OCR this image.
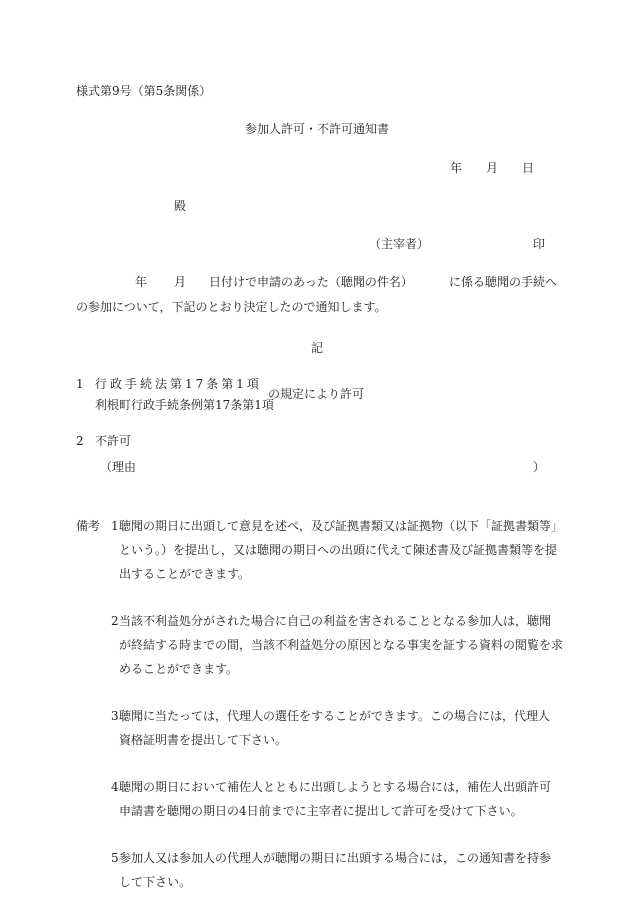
様式第9号（第5条関係）
参加人許可・不許可通知書
年 月 日
殿
（主宰者）	印
年 月 日付けで申請のあった（聴聞の件名）	に係る聴聞の手続へ
の参加について，下記のとおり決定したので通知します。
記
1 行政手続法第17条第1項
利根町行政手続条例第17条第1項
の規定により許可
2 不許可
（理由	）
備考 1 聴聞の期日に出頭して意見を述べ，及び証拠書類又は証拠物（以下「証拠書類等」
という。）を提出し，又は聴聞の期日への出頭に代えて陳述書及び証拠書類等を提
出することができます。
2 当該不利益処分がされた場合に自己の利益を害されることとなる参加人は，聴聞
が終結する時までの間，当該不利益処分の原因となる事実を証する資料の閲覧を求
めることができます。
3 聴聞に当たっては，代理人の選任をすることができます。この場合には，代理人
資格証明書を提出して下さい。
4 聴聞の期日において補佐人とともに出頭しようとする場合には，補佐人出頭許可
申請書を聴聞の期日の4日前までに主宰者に提出して許可を受けて下さい。
5 参加人又は参加人の代理人が聴聞の期日に出頭する場合には，この通知書を持参
して下さい。
